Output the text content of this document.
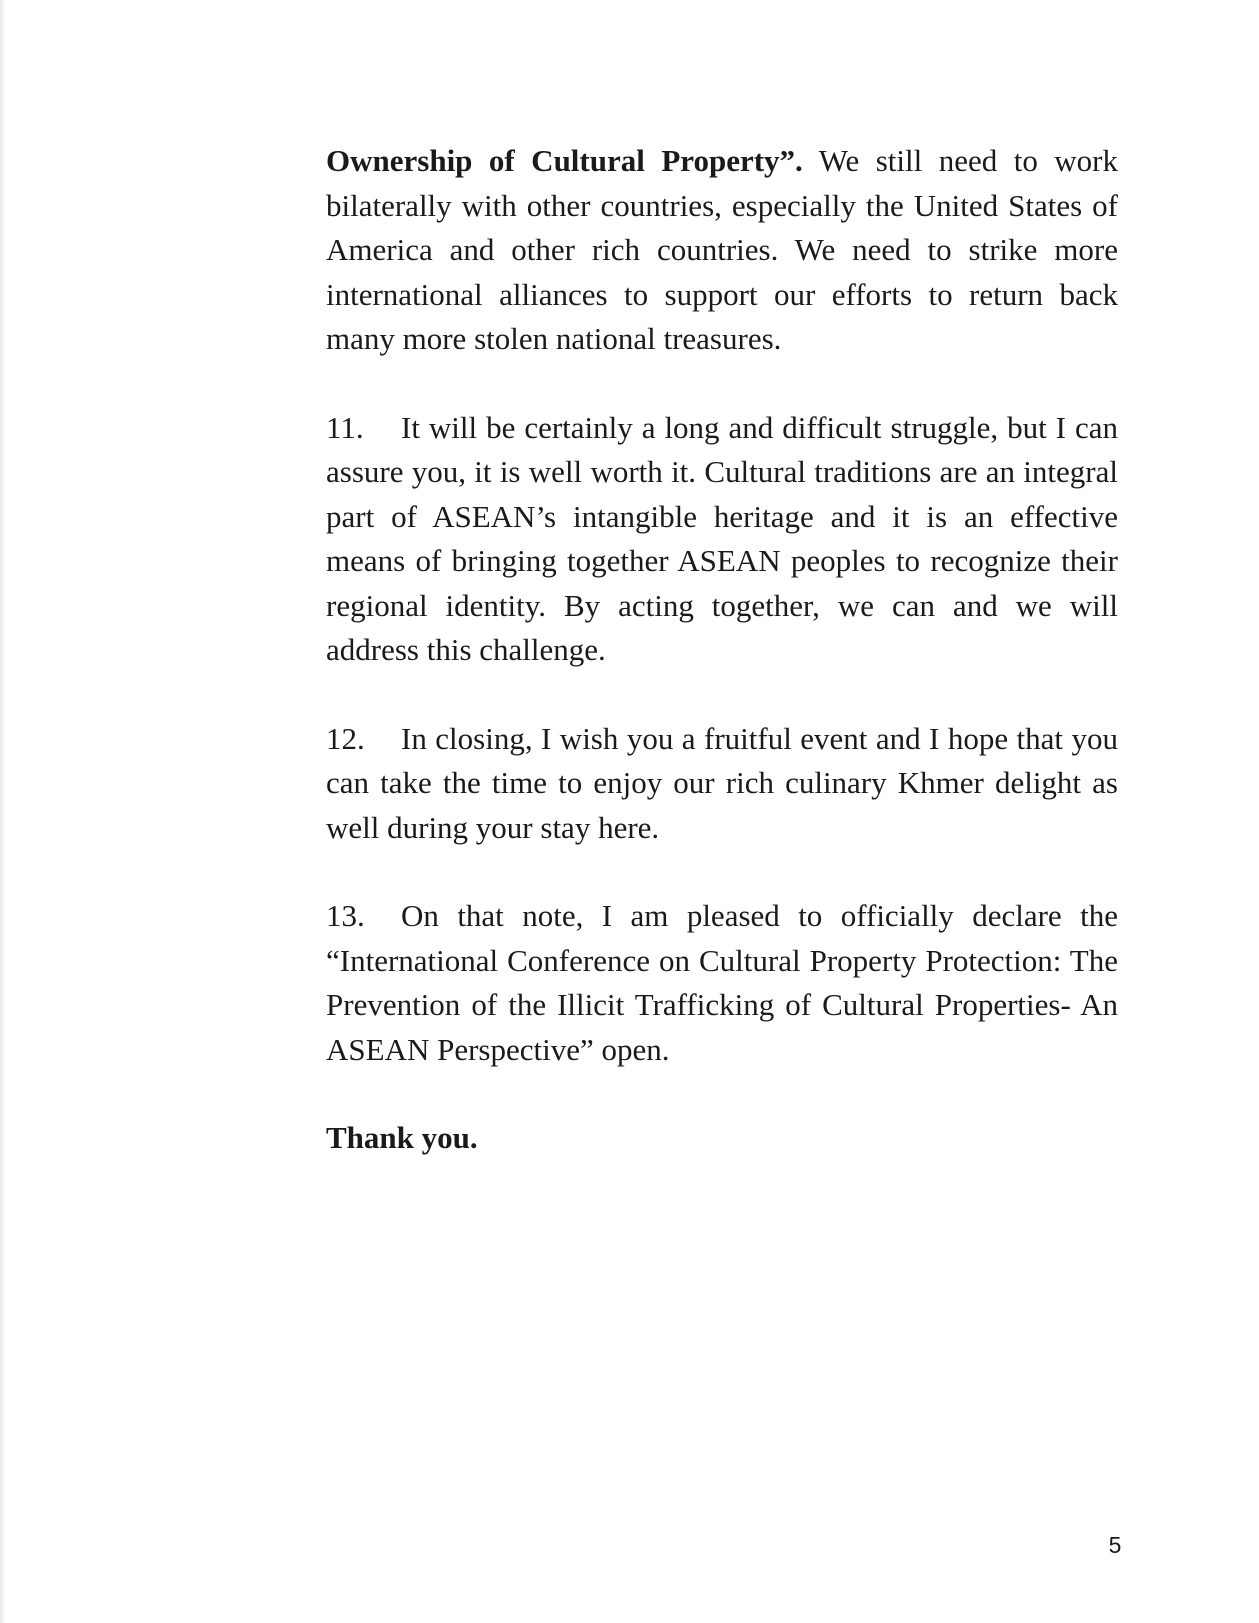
Ownership of Cultural Property”. We still need to work bilaterally with other countries, especially the United States of America and other rich countries. We need to strike more international alliances to support our efforts to return back many more stolen national treasures.

11. It will be certainly a long and difficult struggle, but I can assure you, it is well worth it. Cultural traditions are an integral part of ASEAN’s intangible heritage and it is an effective means of bringing together ASEAN peoples to recognize their regional identity. By acting together, we can and we will address this challenge.

12. In closing, I wish you a fruitful event and I hope that you can take the time to enjoy our rich culinary Khmer delight as well during your stay here.

13. On that note, I am pleased to officially declare the “International Conference on Cultural Property Protection: The Prevention of the Illicit Trafficking of Cultural Properties- An ASEAN Perspective” open.

Thank you.

5
